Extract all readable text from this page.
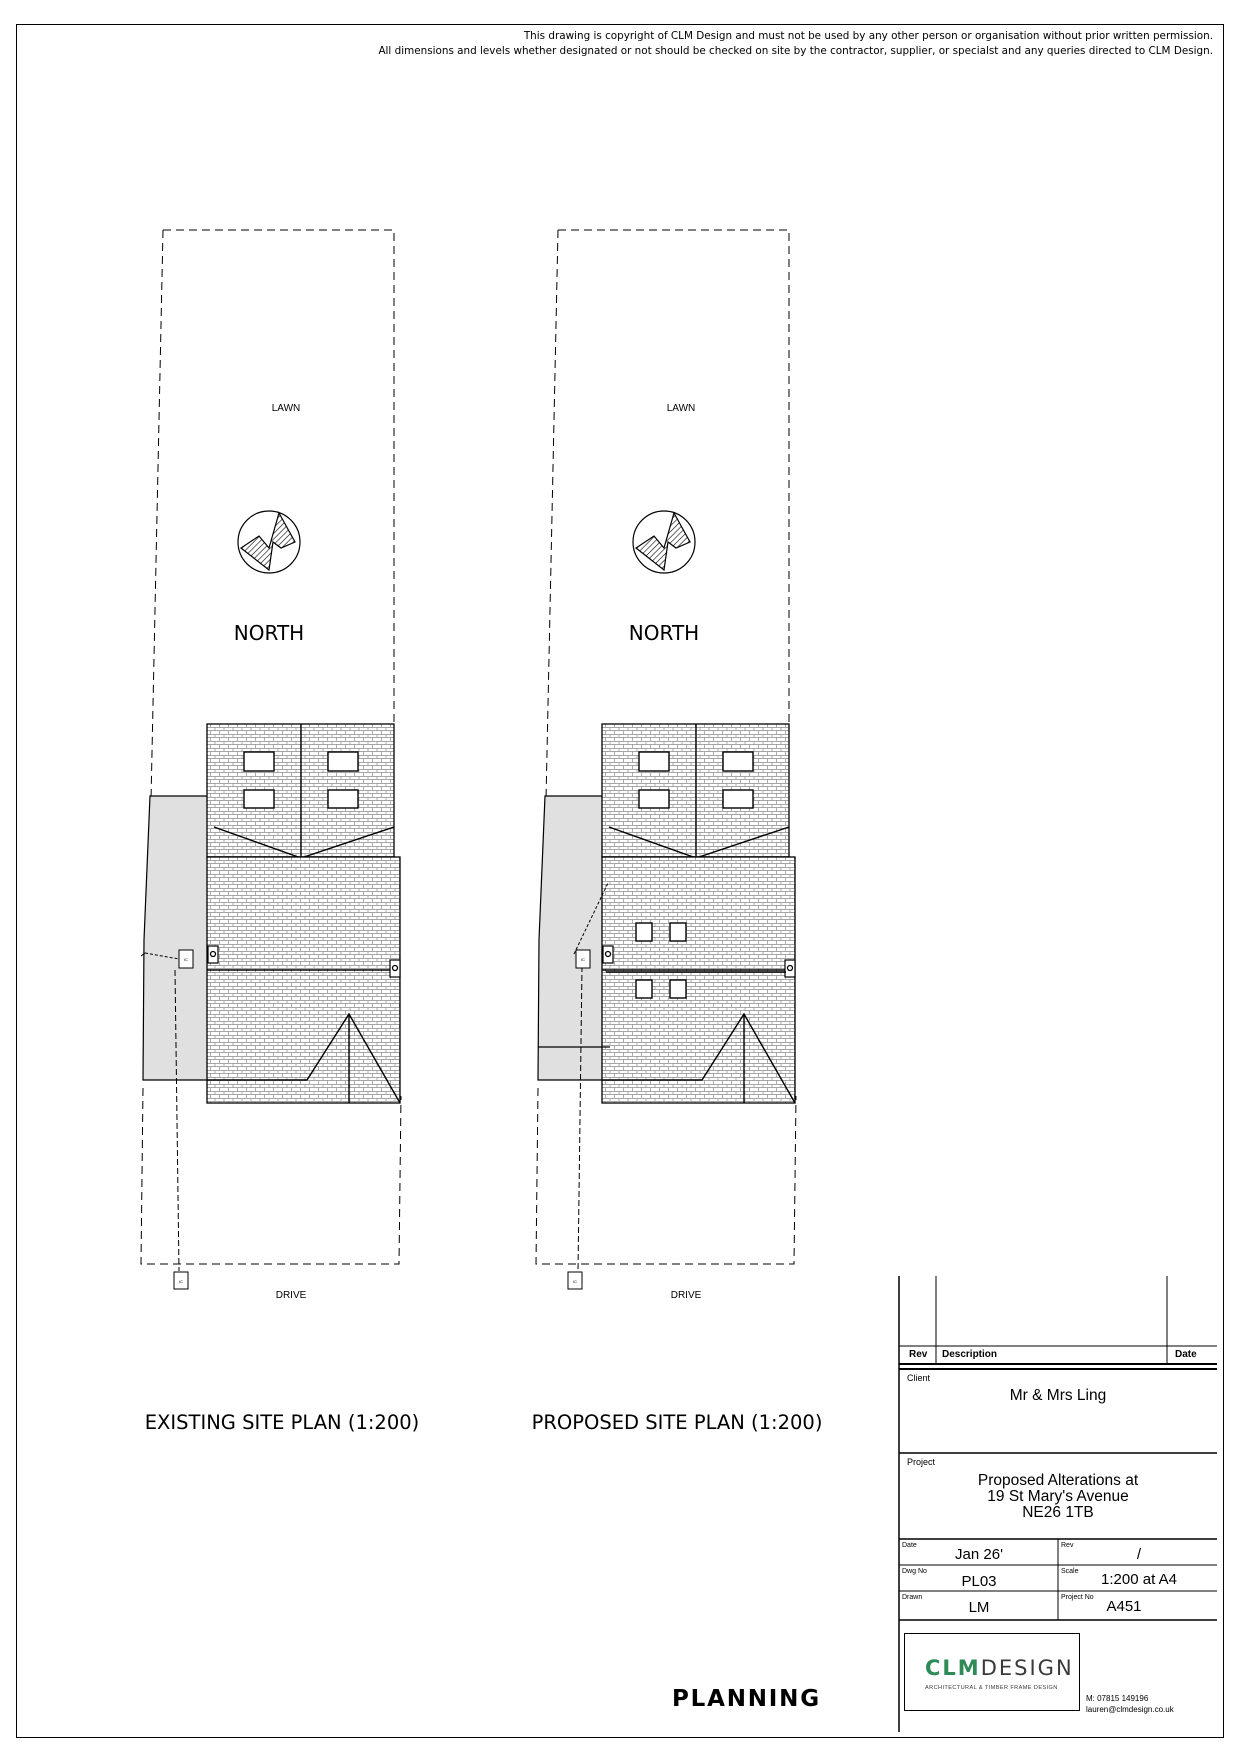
This drawing is copyright of CLM Design and must not be used by any other person or organisation without prior written permission.
All dimensions and levels whether designated or not should be checked on site by the contractor, supplier, or specialst and any queries directed to CLM Design.
IC
IC
LAWN
NORTH
DRIVE
EXISTING SITE PLAN (1:200)
IC
IC
LAWN
NORTH
DRIVE
PROPOSED SITE PLAN (1:200)
Rev Description	Date
Client
Mr & Mrs Ling
Project
Proposed Alterations at
19 St Mary's Avenue
NE26 1TB
Date
Jan 26'
Rev
/
Dwg No
PL03
Scale	1:200 at A4
Drawn
LM
Project No
A451
CLMDESIGN
ARCHITECTURAL & TIMBER FRAME DESIGN
M: 07815 149196
lauren@clmdesign.co.uk
PLANNING
